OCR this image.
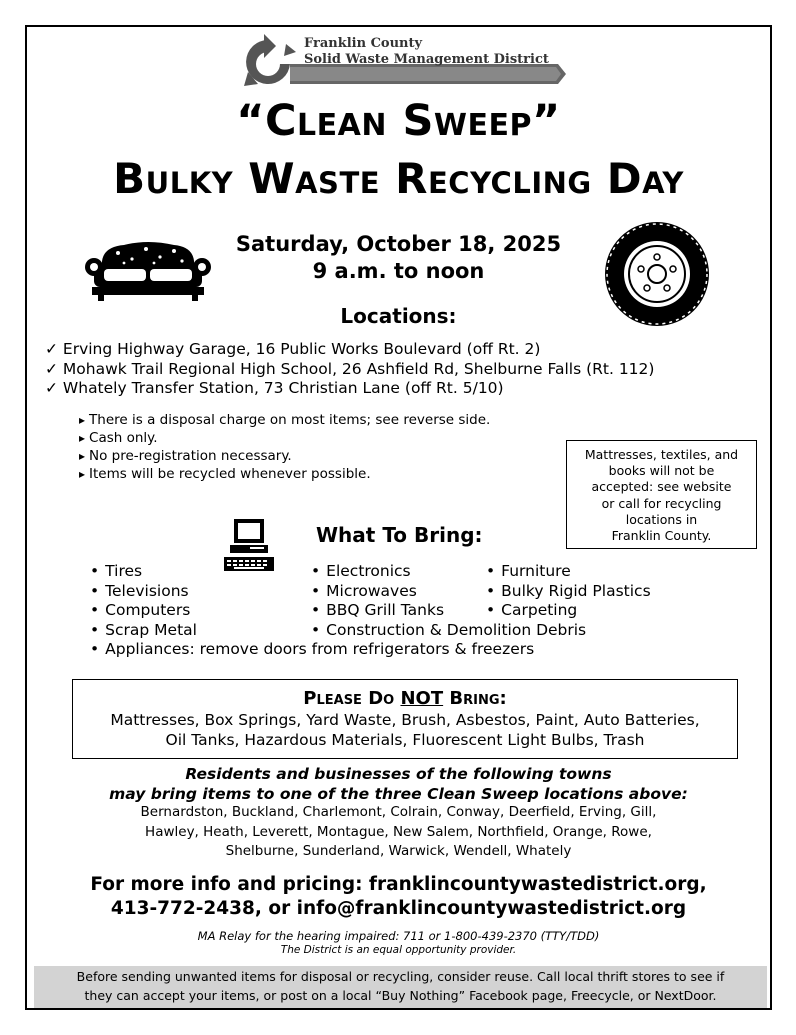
Franklin County
Solid Waste Management District
“Clean Sweep”
Bulky Waste Recycling Day
Saturday, October 18, 2025
9 a.m. to noon
Locations:
✓ Erving Highway Garage, 16 Public Works Boulevard (off Rt. 2)
✓ Mohawk Trail Regional High School, 26 Ashfield Rd, Shelburne Falls (Rt. 112)
✓ Whately Transfer Station, 73 Christian Lane (off Rt. 5/10)
▸ There is a disposal charge on most items; see reverse side.
▸ Cash only.
▸ No pre-registration necessary.
▸ Items will be recycled whenever possible.
Mattresses, textiles, and
books will not be
accepted: see website
or call for recycling
locations in
Franklin County.
What To Bring:
• Tires
• Televisions
• Computers
• Scrap Metal
• Electronics
• Microwaves
• BBQ Grill Tanks
• Construction & Demolition Debris
• Furniture
• Bulky Rigid Plastics
• Carpeting
• Appliances: remove doors from refrigerators & freezers
Please Do NOT Bring:
Mattresses, Box Springs, Yard Waste, Brush, Asbestos, Paint, Auto Batteries,
Oil Tanks, Hazardous Materials, Fluorescent Light Bulbs, Trash
Residents and businesses of the following towns
may bring items to one of the three Clean Sweep locations above:
Bernardston, Buckland, Charlemont, Colrain, Conway, Deerfield, Erving, Gill,
Hawley, Heath, Leverett, Montague, New Salem, Northfield, Orange, Rowe,
Shelburne, Sunderland, Warwick, Wendell, Whately
For more info and pricing: franklincountywastedistrict.org,
413-772-2438, or info@franklincountywastedistrict.org
MA Relay for the hearing impaired: 711 or 1-800-439-2370 (TTY/TDD)
The District is an equal opportunity provider.
Before sending unwanted items for disposal or recycling, consider reuse. Call local thrift stores to see if
they can accept your items, or post on a local “Buy Nothing” Facebook page, Freecycle, or NextDoor.
